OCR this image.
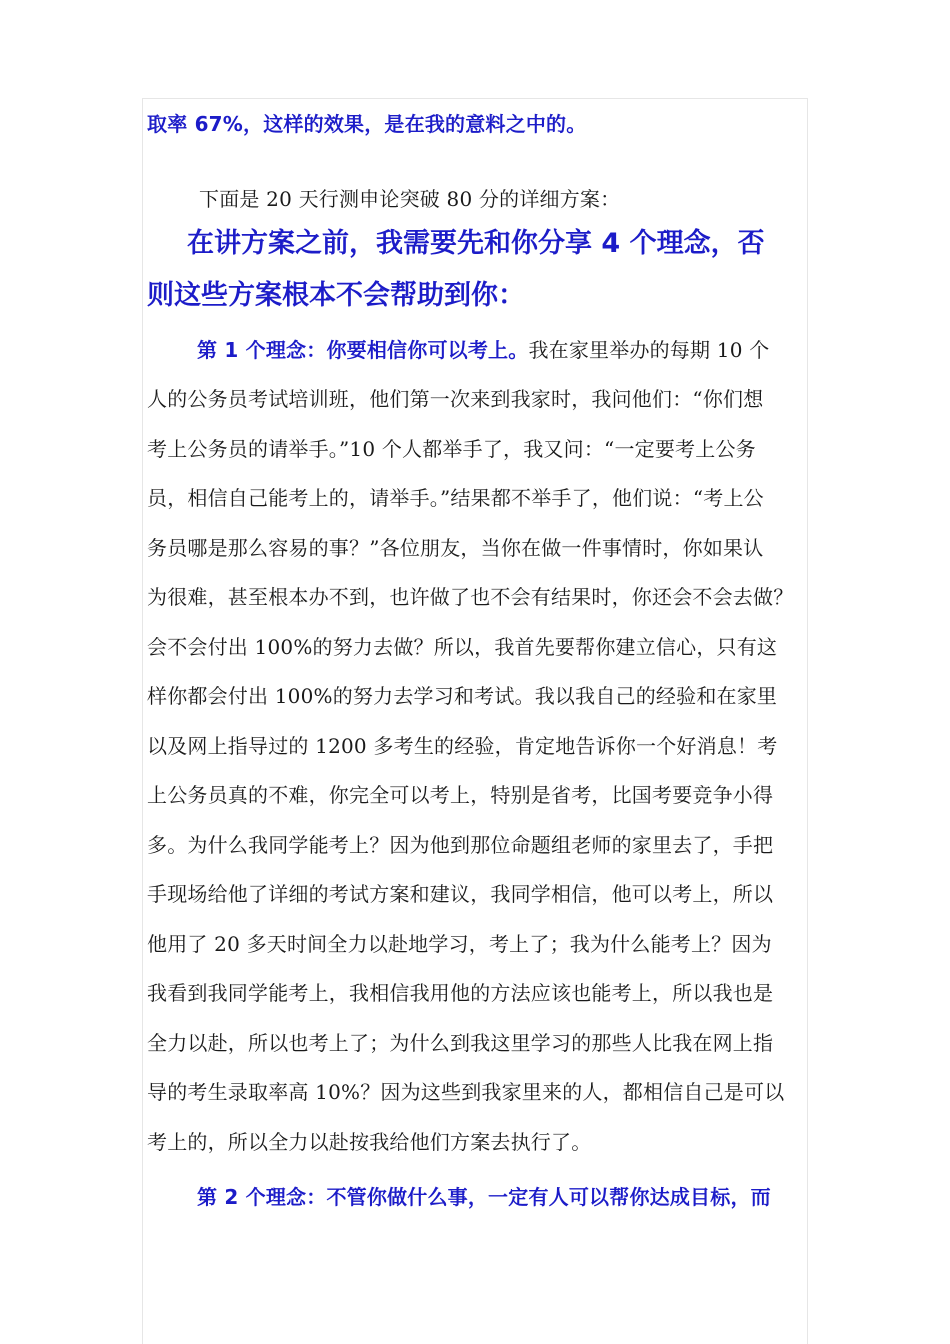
取率 67%，这样的效果，是在我的意料之中的。
下面是 20 天行测申论突破 80 分的详细方案：
在讲方案之前，我需要先和你分享 4 个理念，否
则这些方案根本不会帮助到你：
第 1 个理念：你要相信你可以考上。我在家里举办的每期 10 个
人的公务员考试培训班，他们第一次来到我家时，我问他们：“你们想
考上公务员的请举手。”10 个人都举手了，我又问：“一定要考上公务
员，相信自己能考上的，请举手。”结果都不举手了，他们说：“考上公
务员哪是那么容易的事？”各位朋友，当你在做一件事情时，你如果认
为很难，甚至根本办不到，也许做了也不会有结果时，你还会不会去做？
会不会付出 100%的努力去做？所以，我首先要帮你建立信心，只有这
样你都会付出 100%的努力去学习和考试。我以我自己的经验和在家里
以及网上指导过的 1200 多考生的经验，肯定地告诉你一个好消息！考
上公务员真的不难，你完全可以考上，特别是省考，比国考要竞争小得
多。为什么我同学能考上？因为他到那位命题组老师的家里去了，手把
手现场给他了详细的考试方案和建议，我同学相信，他可以考上，所以
他用了 20 多天时间全力以赴地学习，考上了；我为什么能考上？因为
我看到我同学能考上，我相信我用他的方法应该也能考上，所以我也是
全力以赴，所以也考上了；为什么到我这里学习的那些人比我在网上指
导的考生录取率高 10%？因为这些到我家里来的人，都相信自己是可以
考上的，所以全力以赴按我给他们方案去执行了。
第 2 个理念：不管你做什么事，一定有人可以帮你达成目标，而
